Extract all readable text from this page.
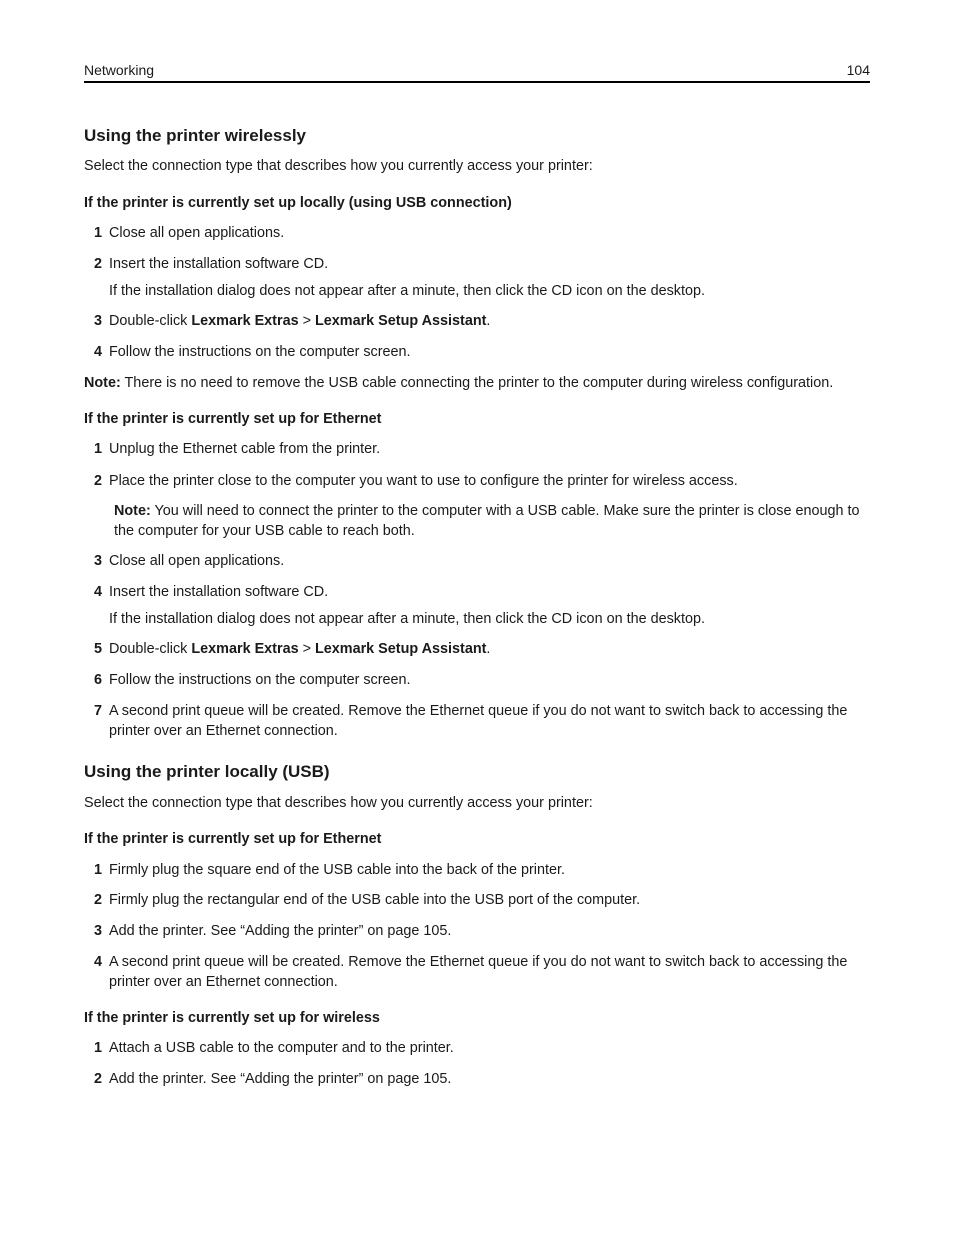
Networking	104
Using the printer wirelessly

Select the connection type that describes how you currently access your printer:

If the printer is currently set up locally (using USB connection)
1 Close all open applications.
2 Insert the installation software CD.

If the installation dialog does not appear after a minute, then click the CD icon on the desktop.

3 Double-click Lexmark Extras > Lexmark Setup Assistant.
4 Follow the instructions on the computer screen.

Note: There is no need to remove the USB cable connecting the printer to the computer during wireless configuration.

If the printer is currently set up for Ethernet
1 Unplug the Ethernet cable from the printer.
2 Place the printer close to the computer you want to use to configure the printer for wireless access.

Note: You will need to connect the printer to the computer with a USB cable. Make sure the printer is close enough to the computer for your USB cable to reach both.

3 Close all open applications.
4 Insert the installation software CD.

If the installation dialog does not appear after a minute, then click the CD icon on the desktop.

5 Double-click Lexmark Extras > Lexmark Setup Assistant.
6 Follow the instructions on the computer screen.
7 A second print queue will be created. Remove the Ethernet queue if you do not want to switch back to accessing the printer over an Ethernet connection.
Using the printer locally (USB)

Select the connection type that describes how you currently access your printer:

If the printer is currently set up for Ethernet
1 Firmly plug the square end of the USB cable into the back of the printer.
2 Firmly plug the rectangular end of the USB cable into the USB port of the computer.
3 Add the printer. See “Adding the printer” on page 105.
4 A second print queue will be created. Remove the Ethernet queue if you do not want to switch back to accessing the printer over an Ethernet connection.
If the printer is currently set up for wireless
1 Attach a USB cable to the computer and to the printer.
2 Add the printer. See “Adding the printer” on page 105.
